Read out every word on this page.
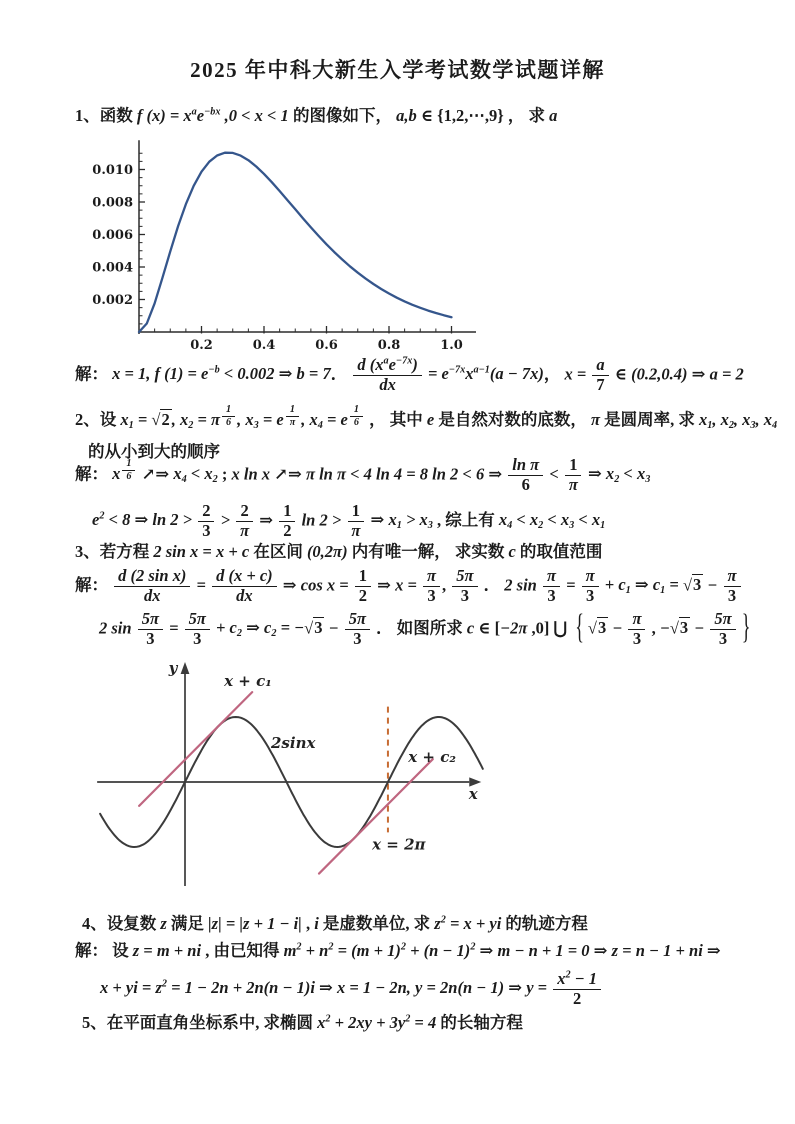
2025 年中科大新生入学考试数学试题详解
1、函数 f $(x) = x^ae^{-bx}$ ,0 < x < 1 的图像如下， a,b ∈ {1,2,⋯,9} ， 求 a
0.2	0.4	0.6	0.8	1.0
0.002
0.004
0.006
0.008
0.010
解： x = 1, f $(1) = e^{-b} < 0.002$ ⇒ b = 7． d $(x^ae^{-7x})$
dx
= $e^{-7x}x^{a-1}(a - 7x)$， $x = \frac{a}{7}$ ∈ (0.2,0.4) ⇒ a = 2
2、设 $x_1 = √2$ , $x_2 = \pi$ $^{\frac{1}{6}}$ , $x_3 = e$ $^{\frac{1}{\pi}}$ , $x_4 = e$ $^{\frac{1}{6}}$ ， 其中 e 是自然对数的底数， π 是圆周率, 求 $x_1$, $x_2$, $x_3$, $x_4$
的从小到大的顺序
解： x $^{\frac{1}{6}}$ ↗⇒ $x_4 < x_2$ ; x ln x ↗⇒ π ln π < 4 ln 4 = 8 ln 2 < 6 ⇒ $\frac{\text{ln π}}{6} < \frac{1}{\pi}$ ⇒ $x_2 < x_3$
$e^2 < 8$ ⇒ $\ln 2 > \frac{2}{3} > \frac{2}{\pi}$ ⇒ $\frac{1}{2}$ $\ln 2 > \frac{1}{\pi}$ ⇒ $x_1 > x_3$ , 综上有 $x_4 < x_2 < x_3 < x_1$
3、若方程 2 sin x = x + c 在区间 (0,2π) 内有唯一解， 求实数 c 的取值范围
解： $\frac{\text{d (2 sin x)}}{dx} = \frac{d (x + c)}{dx}$ ⇒ $\cos x = \frac{1}{2}$ ⇒ $x = \frac{\pi}{3}$ , $\frac{5\pi}{3}$ ． 2 $\sin \frac{\pi}{3} = \frac{\pi}{3} + c_1$ ⇒ $c_1 = √3 - \frac{\pi}{3}$
2 $\sin \frac{5\pi}{3} = \frac{5\pi}{3} + c_2$ ⇒ $c_2 = -√3 - \frac{5\pi}{3}$ ． 如图所求 c ∈ [−2π ,0] ⋃ { $√3 - \frac{\pi}{3}$ , $-√3 - \frac{5\pi}{3}$ }
y
x
x + c₁
2sinx
x + c₂
x = 2π
4、设复数 z 满足 |z| = |z + 1 − i| , i 是虚数单位, 求 $z^2 = x$ + yi 的轨迹方程
解： 设 z = m + ni , 由已知得 $m^2 + n^2 = (m + 1)^2 + (n - 1)^2$ ⇒ m − n + 1 = 0 ⇒ z = n − 1 + ni ⇒
x + yi = $z^2 = 1 - 2n + 2n(n - 1)i$ ⇒ x = 1 − 2n, y = 2n(n − 1) ⇒ $y = \frac{x^2 - 1}{2}$
5、在平面直角坐标系中, 求椭圆 $x^2 + 2xy + 3y^2 = 4$ 的长轴方程
